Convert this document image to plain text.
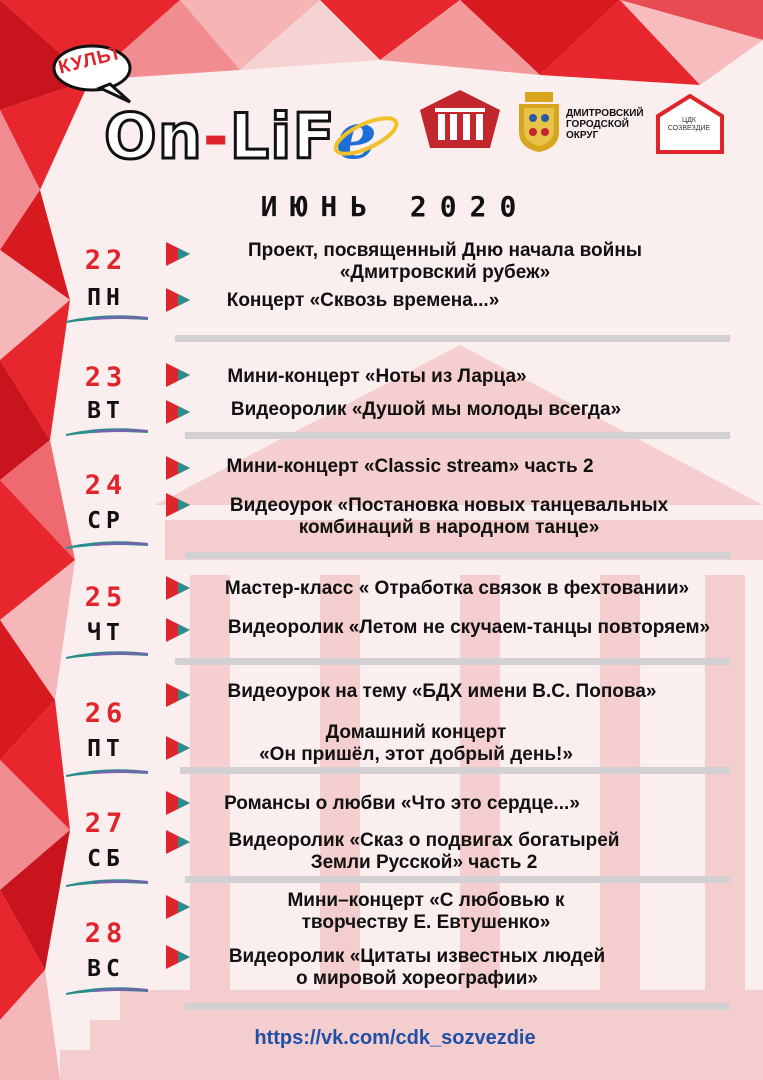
КУЛЬТ
On-LiF e	ДМИТРОВСКИЙ ГОРОДСКОЙ ОКРУГ
ЦДК СОЗВЕЗДИЕ
ИЮНЬ 2020
22
ПН
Проект, посвященный Дню начала войны
«Дмитровский рубеж»
Концерт «Сквозь времена...»
23
ВТ
Мини-концерт «Ноты из Ларца»
Видеоролик «Душой мы молоды всегда»
24
СР
Мини-концерт «Classic stream» часть 2
Видеоурок «Постановка новых танцевальных
комбинаций в народном танце»
25
ЧТ
Мастер-класс « Отработка связок в фехтовании»
Видеоролик «Летом не скучаем-танцы повторяем»
26
ПТ
Видеоурок на тему «БДХ имени В.С. Попова»
Домашний концерт
«Он пришёл, этот добрый день!»
27
СБ
Романсы о любви «Что это сердце...»
Видеоролик «Сказ о подвигах богатырей
Земли Русской» часть 2
28
ВС
Мини–концерт «С любовью к
творчеству Е. Евтушенко»
Видеоролик «Цитаты известных людей
о мировой хореографии»
https://vk.com/cdk_sozvezdie
